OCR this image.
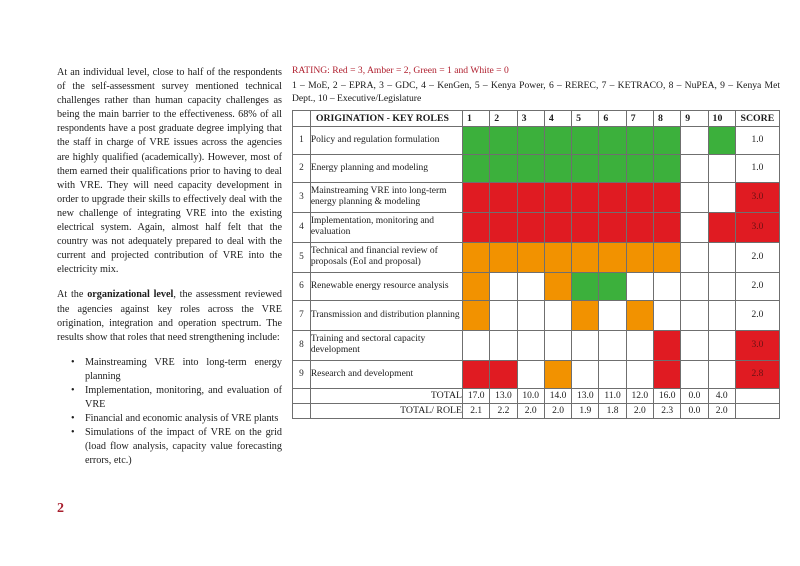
At an individual level, close to half of the respondents of the self-assessment survey mentioned technical challenges rather than human capacity challenges as being the main barrier to the effectiveness. 68% of all respondents have a post graduate degree implying that the staff in charge of VRE issues across the agencies are highly qualified (academically). However, most of them earned their qualifications prior to having to deal with VRE. They will need capacity development in order to upgrade their skills to effectively deal with the new challenge of integrating VRE into the existing electrical system. Again, almost half felt that the country was not adequately prepared to deal with the current and projected contribution of VRE into the electricity mix.

At the organizational level, the assessment reviewed the agencies against key roles across the VRE origination, integration and operation spectrum. The results show that roles that need strengthening include:

• Mainstreaming VRE into long-term energy planning
• Implementation, monitoring, and evaluation of VRE
• Financial and economic analysis of VRE plants
• Simulations of the impact of VRE on the grid (load flow analysis, capacity value forecasting errors, etc.)
2
RATING: Red = 3, Amber = 2, Green = 1 and White = 0
1 – MoE, 2 – EPRA, 3 – GDC, 4 – KenGen, 5 – Kenya Power, 6 – REREC, 7 – KETRACO, 8 – NuPEA, 9 – Kenya Met Dept., 10 – Executive/Legislature
	ORIGINATION - KEY ROLES	1	2	3	4	5	6	7	8	9	10	SCORE
1	Policy and regulation formulation											1.0
2	Energy planning and modeling											1.0
3	Mainstreaming VRE into long-term energy planning & modeling											3.0
4	Implementation, monitoring and evaluation											3.0
5	Technical and financial review of proposals (EoI and proposal)											2.0
6	Renewable energy resource analysis											2.0
7	Transmission and distribution planning											2.0
8	Training and sectoral capacity development											3.0
9	Research and development											2.8
	TOTAL	17.0	13.0	10.0	14.0	13.0	11.0	12.0	16.0	0.0	4.0	
	TOTAL/ ROLE	2.1	2.2	2.0	2.0	1.9	1.8	2.0	2.3	0.0	2.0	
